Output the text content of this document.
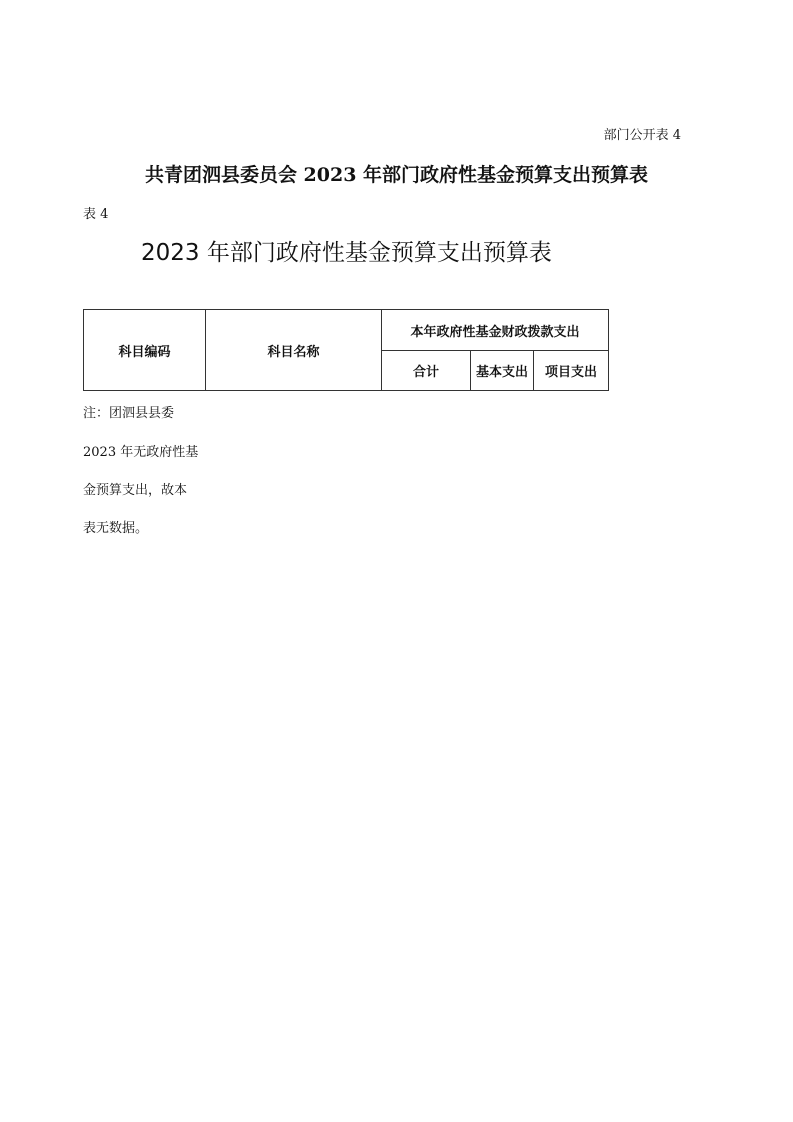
部门公开表 4
共青团泗县委员会 2023 年部门政府性基金预算支出预算表
表 4
2023 年部门政府性基金预算支出预算表
科目编码	科目名称	本年政府性基金财政拨款支出		
		合计	基本支出	项目支出
注：团泗县县委
2023 年无政府性基
金预算支出，故本
表无数据。
